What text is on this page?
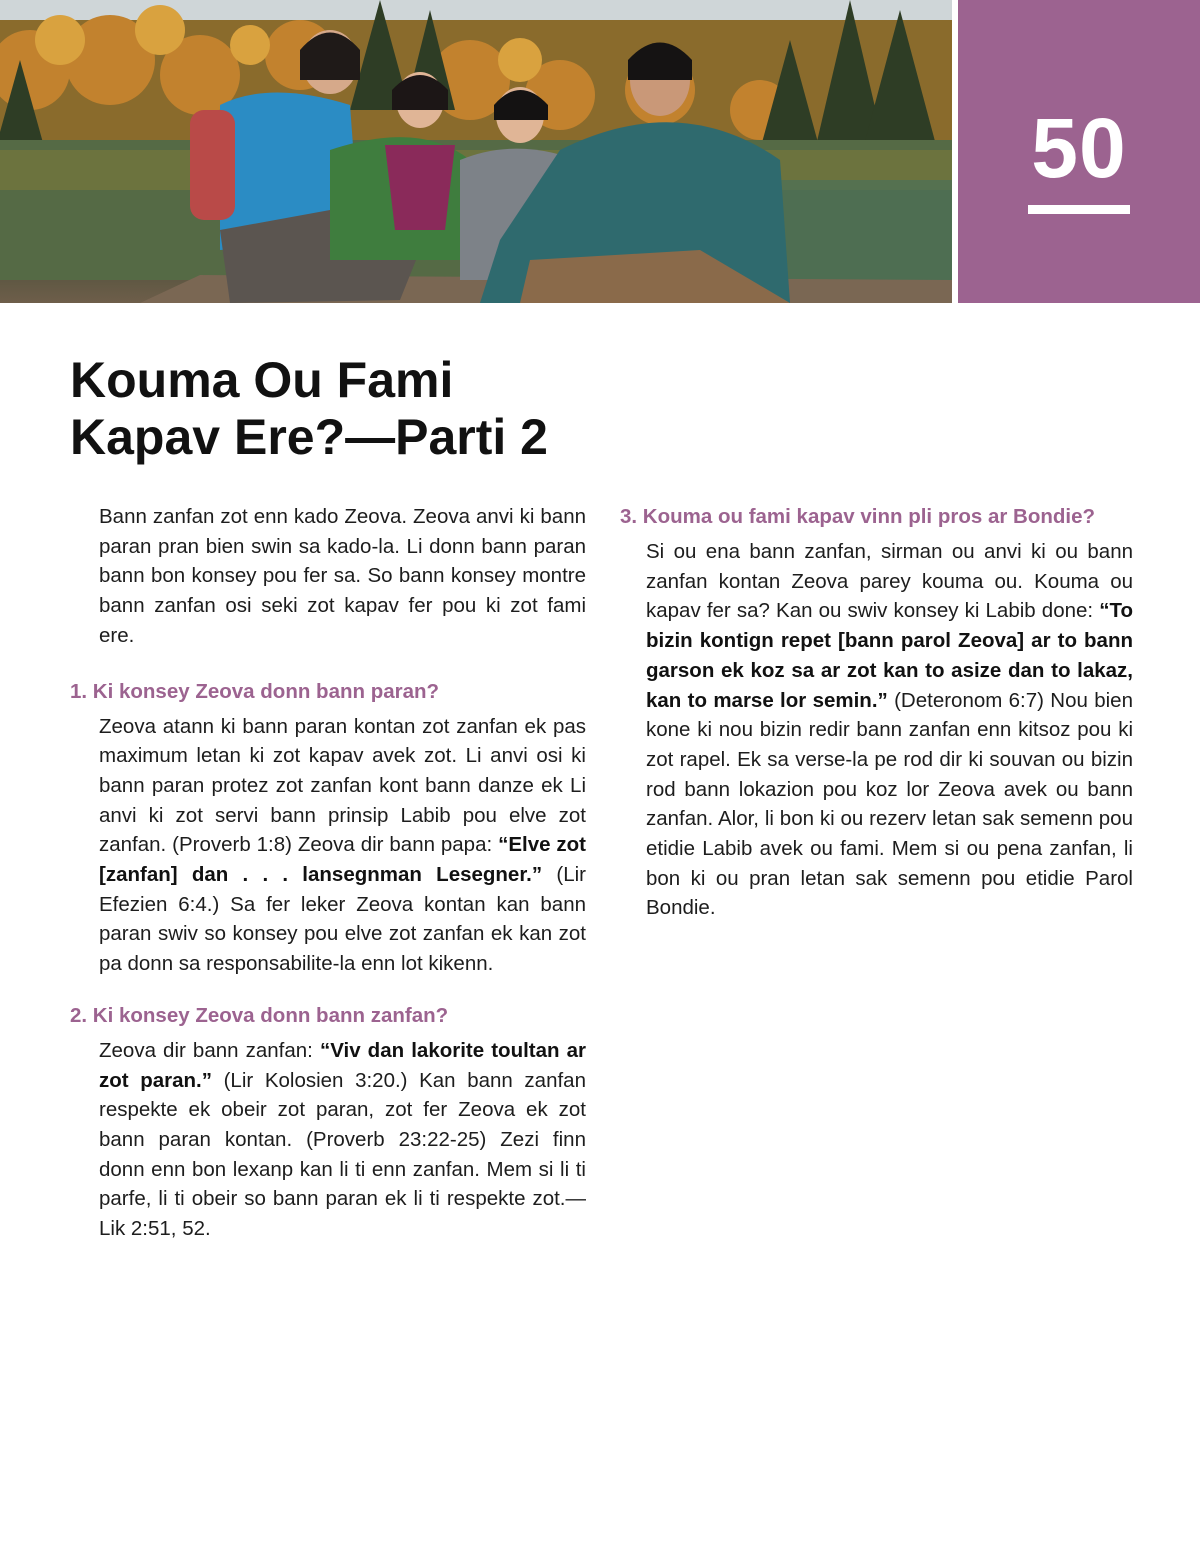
50
Kouma Ou Fami
Kapav Ere?—Parti 2

Bann zanfan zot enn kado Zeova. Zeova anvi ki bann paran pran bien swin sa kado-la. Li donn bann paran bann bon konsey pou fer sa. So bann konsey montre bann zanfan osi seki zot kapav fer pou ki zot fami ere.

1. Ki konsey Zeova donn bann paran?

Zeova atann ki bann paran kontan zot zanfan ek pas maximum letan ki zot kapav avek zot. Li anvi osi ki bann paran protez zot zanfan kont bann danze ek Li anvi ki zot servi bann prinsip Labib pou elve zot zanfan. (Proverb 1:8) Zeova dir bann papa: “Elve zot [zanfan] dan . . . lansegnman Lesegner.” (Lir Efezien 6:4.) Sa fer leker Zeova kontan kan bann paran swiv so konsey pou elve zot zanfan ek kan zot pa donn sa responsabilite-la enn lot kikenn.

2. Ki konsey Zeova donn bann zanfan?

Zeova dir bann zanfan: “Viv dan lakorite toultan ar zot paran.” (Lir Kolosien 3:20.) Kan bann zanfan respekte ek obeir zot paran, zot fer Zeova ek zot bann paran kontan. (Proverb 23:22-25) Zezi finn donn enn bon lexanp kan li ti enn zanfan. Mem si li ti parfe, li ti obeir so bann paran ek li ti respekte zot.—Lik 2:51, 52.

3. Kouma ou fami kapav vinn pli pros ar Bondie?

Si ou ena bann zanfan, sirman ou anvi ki ou bann zanfan kontan Zeova parey kouma ou. Kouma ou kapav fer sa? Kan ou swiv konsey ki Labib done: “To bizin kontign repet [bann parol Zeova] ar to bann garson ek koz sa ar zot kan to asize dan to lakaz, kan to marse lor semin.” (Deteronom 6:7) Nou bien kone ki nou bizin redir bann zanfan enn kitsoz pou ki zot rapel. Ek sa verse-la pe rod dir ki souvan ou bizin rod bann lokazion pou koz lor Zeova avek ou bann zanfan. Alor, li bon ki ou rezerv letan sak semenn pou etidie Labib avek ou fami. Mem si ou pena zanfan, li bon ki ou pran letan sak semenn pou etidie Parol Bondie.
